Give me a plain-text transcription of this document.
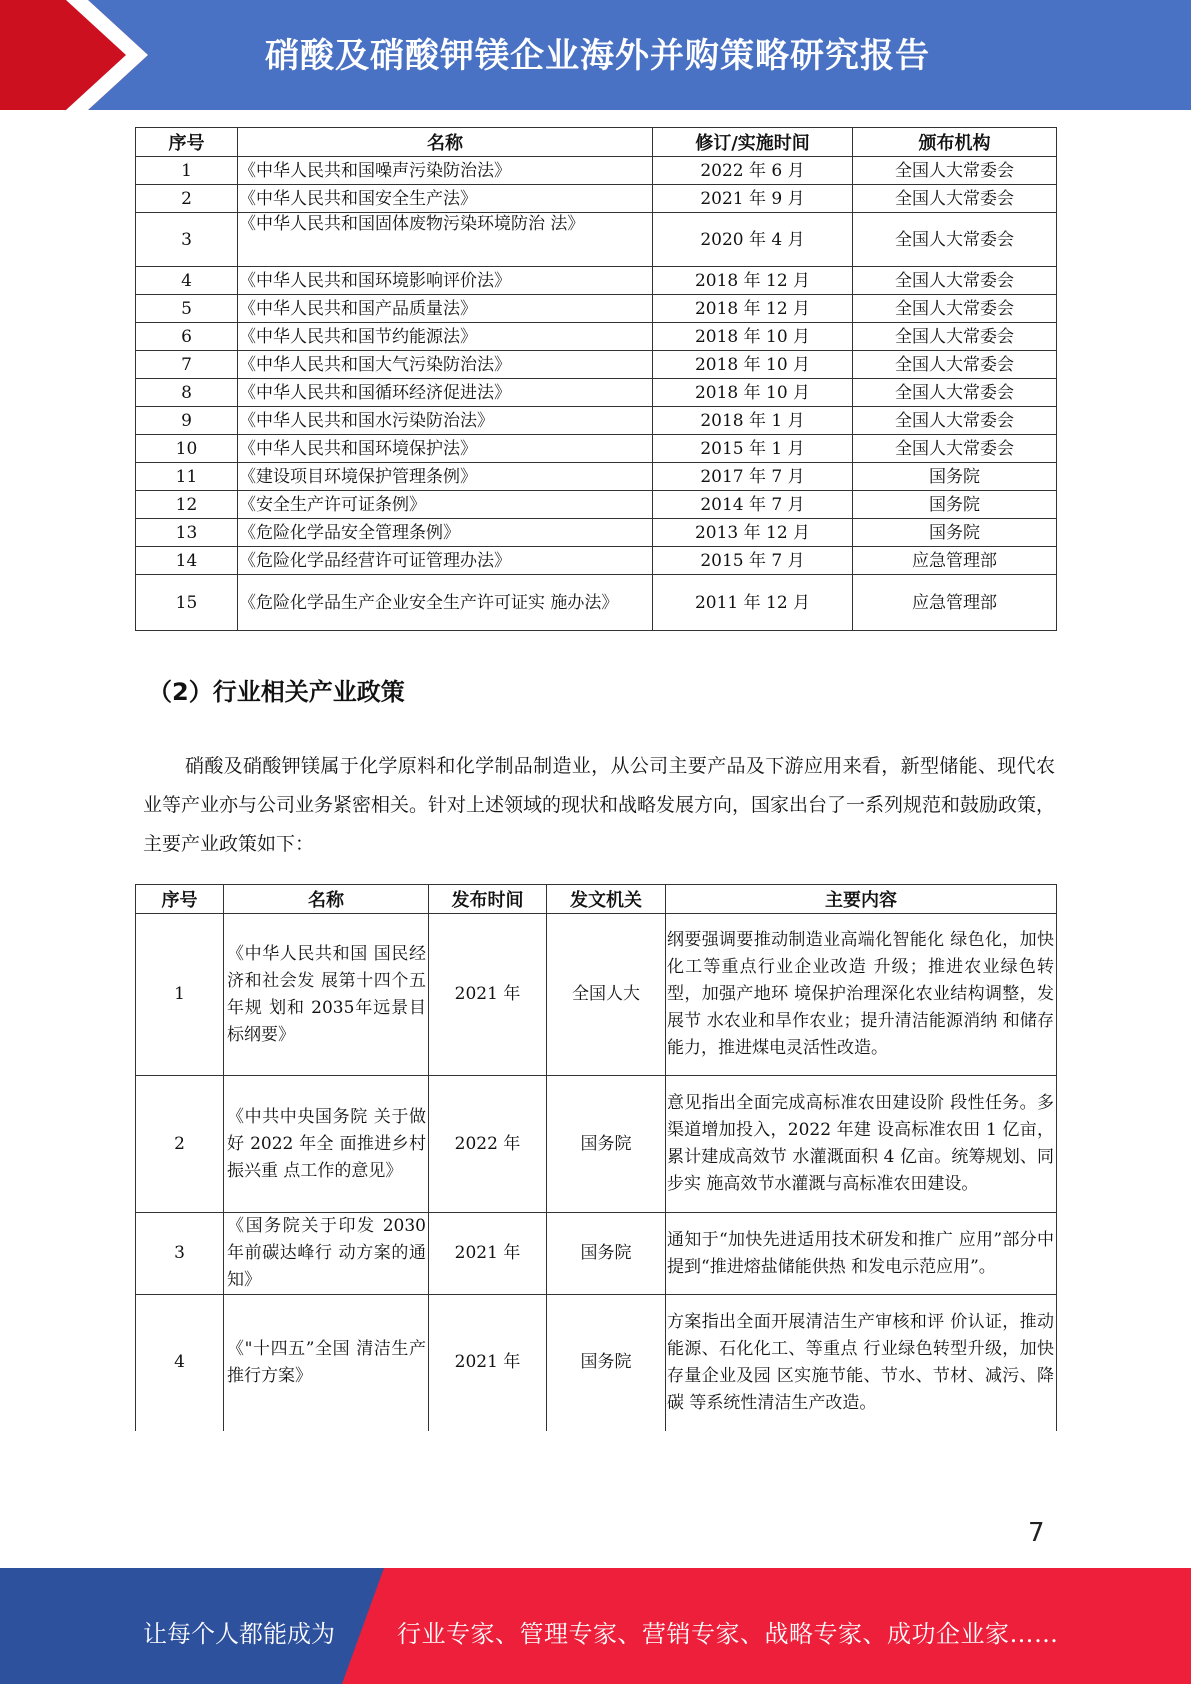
硝酸及硝酸钾镁企业海外并购策略研究报告
序号	名称	修订/实施时间	颁布机构
1	《中华人民共和国噪声污染防治法》	2022 年 6 月	全国人大常委会
2	《中华人民共和国安全生产法》	2021 年 9 月	全国人大常委会
3	《中华人民共和国固体废物污染环境防治 法》	2020 年 4 月	全国人大常委会
4	《中华人民共和国环境影响评价法》	2018 年 12 月	全国人大常委会
5	《中华人民共和国产品质量法》	2018 年 12 月	全国人大常委会
6	《中华人民共和国节约能源法》	2018 年 10 月	全国人大常委会
7	《中华人民共和国大气污染防治法》	2018 年 10 月	全国人大常委会
8	《中华人民共和国循环经济促进法》	2018 年 10 月	全国人大常委会
9	《中华人民共和国水污染防治法》	2018 年 1 月	全国人大常委会
10	《中华人民共和国环境保护法》	2015 年 1 月	全国人大常委会
11	《建设项目环境保护管理条例》	2017 年 7 月	国务院
12	《安全生产许可证条例》	2014 年 7 月	国务院
13	《危险化学品安全管理条例》	2013 年 12 月	国务院
14	《危险化学品经营许可证管理办法》	2015 年 7 月	应急管理部
15	《危险化学品生产企业安全生产许可证实 施办法》	2011 年 12 月	应急管理部
（2）行业相关产业政策
硝酸及硝酸钾镁属于化学原料和化学制品制造业，从公司主要产品及下游应用来看，新型储能、现代农业等产业亦与公司业务紧密相关。针对上述领域的现状和战略发展方向，国家出台了一系列规范和鼓励政策，主要产业政策如下：
序号	名称	发布时间	发文机关	主要内容
1	《中华人民共和国 国民经济和社会发 展第十四个五年规 划和 2035年远景目 标纲要》	2021 年	全国人大	纲要强调要推动制造业高端化智能化 绿色化，加快化工等重点行业企业改造 升级；推进农业绿色转型，加强产地环 境保护治理深化农业结构调整，发展节 水农业和旱作农业；提升清洁能源消纳 和储存能力，推进煤电灵活性改造。
2	《中共中央国务院 关于做好 2022 年全 面推进乡村振兴重 点工作的意见》	2022 年	国务院	意见指出全面完成高标准农田建设阶 段性任务。多渠道增加投入，2022 年建 设高标准农田 1 亿亩，累计建成高效节 水灌溉面积 4 亿亩。统筹规划、同步实 施高效节水灌溉与高标准农田建设。
3	《国务院关于印发 2030 年前碳达峰行 动方案的通知》	2021 年	国务院	通知于“加快先进适用技术研发和推广 应用”部分中提到“推进熔盐储能供热 和发电示范应用”。
4	《"十四五”全国 清洁生产推行方案》	2021 年	国务院	方案指出全面开展清洁生产审核和评 价认证，推动能源、石化化工、等重点 行业绿色转型升级，加快存量企业及园 区实施节能、节水、节材、减污、降碳 等系统性清洁生产改造。
7
让每个人都能成为	行业专家、管理专家、营销专家、战略专家、成功企业家……
